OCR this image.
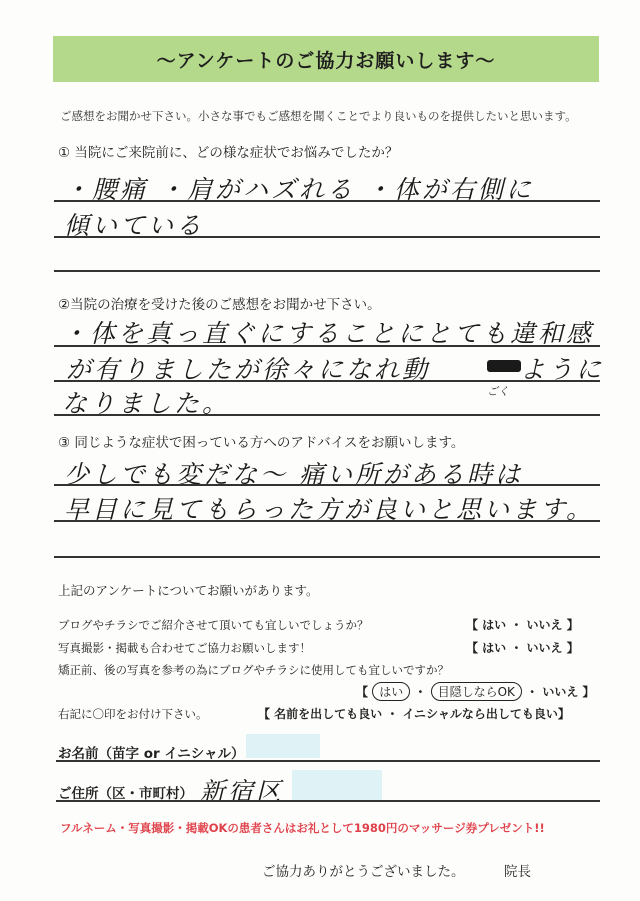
〜アンケートのご協力お願いします〜
ご感想をお聞かせ下さい。小さな事でもご感想を聞くことでより良いものを提供したいと思います。
① 当院にご来院前に、どの様な症状でお悩みでしたか？
・腰痛 ・肩がハズれる ・体が右側に
傾いている
②当院の治療を受けた後のご感想をお聞かせ下さい。
・体を真っ直ぐにすることにとても違和感
が有りましたが徐々になれ動	ように
ごく
なりました。
③ 同じような症状で困っている方へのアドバイスをお願いします。
少しでも変だな〜 痛い所がある時は
早目に見てもらった方が良いと思います。
上記のアンケートについてお願いがあります。
ブログやチラシでご紹介させて頂いても宜しいでしょうか？	【 はい ・ いいえ 】
写真撮影・掲載も合わせてご協力お願いします！	【 はい ・ いいえ 】
矯正前、後の写真を参考の為にブログやチラシに使用しても宜しいですか？
【 はい ・ 目隠しならOK ・ いいえ 】
右記に〇印をお付け下さい。	【 名前を出しても良い ・ イニシャルなら出しても良い】
お名前（苗字 or イニシャル）
ご住所（区・市町村） 新宿区
フルネーム・写真撮影・掲載OKの患者さんはお礼として1980円のマッサージ券プレゼント!!
ご協力ありがとうございました。	院長
